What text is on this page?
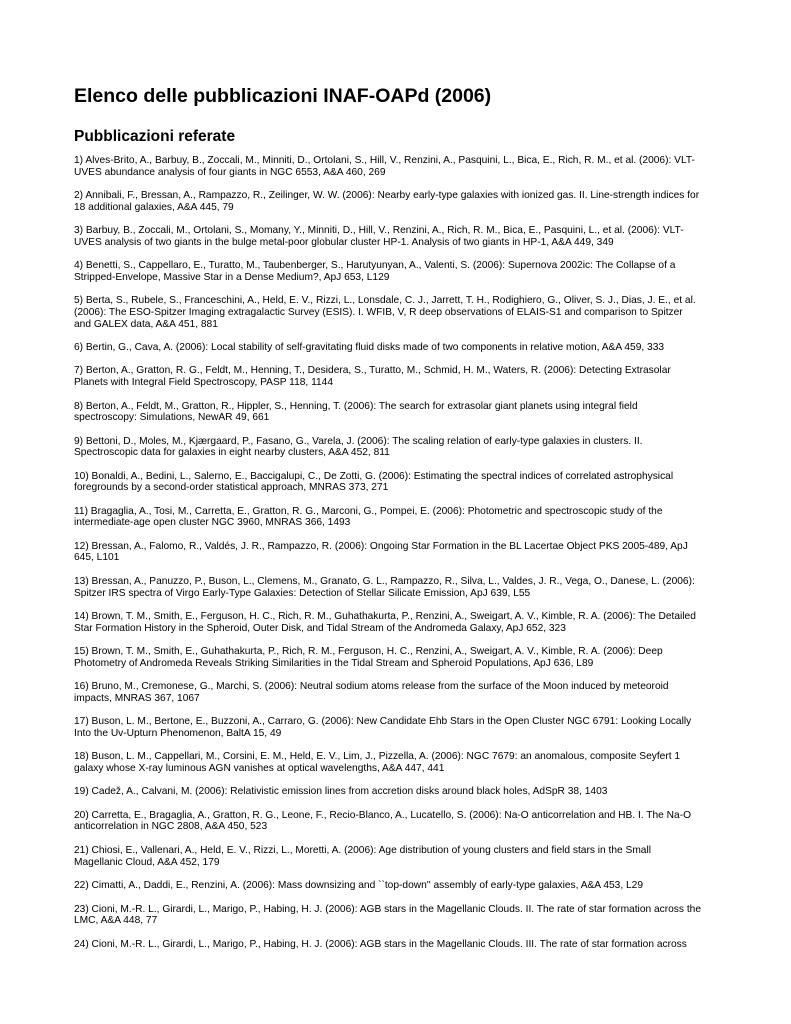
Elenco delle pubblicazioni INAF-OAPd (2006)
Pubblicazioni referate
1) Alves-Brito, A., Barbuy, B., Zoccali, M., Minniti, D., Ortolani, S., Hill, V., Renzini, A., Pasquini, L., Bica, E., Rich, R. M., et al. (2006): VLT-
UVES abundance analysis of four giants in NGC 6553, A&A 460, 269
2) Annibali, F., Bressan, A., Rampazzo, R., Zeilinger, W. W. (2006): Nearby early-type galaxies with ionized gas. II. Line-strength indices for
18 additional galaxies, A&A 445, 79
3) Barbuy, B., Zoccali, M., Ortolani, S., Momany, Y., Minniti, D., Hill, V., Renzini, A., Rich, R. M., Bica, E., Pasquini, L., et al. (2006): VLT-
UVES analysis of two giants in the bulge metal-poor globular cluster HP-1. Analysis of two giants in HP-1, A&A 449, 349
4) Benetti, S., Cappellaro, E., Turatto, M., Taubenberger, S., Harutyunyan, A., Valenti, S. (2006): Supernova 2002ic: The Collapse of a
Stripped-Envelope, Massive Star in a Dense Medium?, ApJ 653, L129
5) Berta, S., Rubele, S., Franceschini, A., Held, E. V., Rizzi, L., Lonsdale, C. J., Jarrett, T. H., Rodighiero, G., Oliver, S. J., Dias, J. E., et al.
(2006): The ESO-Spitzer Imaging extragalactic Survey (ESIS). I. WFIB, V, R deep observations of ELAIS-S1 and comparison to Spitzer
and GALEX data, A&A 451, 881
6) Bertin, G., Cava, A. (2006): Local stability of self-gravitating fluid disks made of two components in relative motion, A&A 459, 333
7) Berton, A., Gratton, R. G., Feldt, M., Henning, T., Desidera, S., Turatto, M., Schmid, H. M., Waters, R. (2006): Detecting Extrasolar
Planets with Integral Field Spectroscopy, PASP 118, 1144
8) Berton, A., Feldt, M., Gratton, R., Hippler, S., Henning, T. (2006): The search for extrasolar giant planets using integral field
spectroscopy: Simulations, NewAR 49, 661
9) Bettoni, D., Moles, M., Kjærgaard, P., Fasano, G., Varela, J. (2006): The scaling relation of early-type galaxies in clusters. II.
Spectroscopic data for galaxies in eight nearby clusters, A&A 452, 811
10) Bonaldi, A., Bedini, L., Salerno, E., Baccigalupi, C., De Zotti, G. (2006): Estimating the spectral indices of correlated astrophysical
foregrounds by a second-order statistical approach, MNRAS 373, 271
11) Bragaglia, A., Tosi, M., Carretta, E., Gratton, R. G., Marconi, G., Pompei, E. (2006): Photometric and spectroscopic study of the
intermediate-age open cluster NGC 3960, MNRAS 366, 1493
12) Bressan, A., Falomo, R., Valdés, J. R., Rampazzo, R. (2006): Ongoing Star Formation in the BL Lacertae Object PKS 2005-489, ApJ
645, L101
13) Bressan, A., Panuzzo, P., Buson, L., Clemens, M., Granato, G. L., Rampazzo, R., Silva, L., Valdes, J. R., Vega, O., Danese, L. (2006):
Spitzer IRS spectra of Virgo Early-Type Galaxies: Detection of Stellar Silicate Emission, ApJ 639, L55
14) Brown, T. M., Smith, E., Ferguson, H. C., Rich, R. M., Guhathakurta, P., Renzini, A., Sweigart, A. V., Kimble, R. A. (2006): The Detailed
Star Formation History in the Spheroid, Outer Disk, and Tidal Stream of the Andromeda Galaxy, ApJ 652, 323
15) Brown, T. M., Smith, E., Guhathakurta, P., Rich, R. M., Ferguson, H. C., Renzini, A., Sweigart, A. V., Kimble, R. A. (2006): Deep
Photometry of Andromeda Reveals Striking Similarities in the Tidal Stream and Spheroid Populations, ApJ 636, L89
16) Bruno, M., Cremonese, G., Marchi, S. (2006): Neutral sodium atoms release from the surface of the Moon induced by meteoroid
impacts, MNRAS 367, 1067
17) Buson, L. M., Bertone, E., Buzzoni, A., Carraro, G. (2006): New Candidate Ehb Stars in the Open Cluster NGC 6791: Looking Locally
Into the Uv-Upturn Phenomenon, BaltA 15, 49
18) Buson, L. M., Cappellari, M., Corsini, E. M., Held, E. V., Lim, J., Pizzella, A. (2006): NGC 7679: an anomalous, composite Seyfert 1
galaxy whose X-ray luminous AGN vanishes at optical wavelengths, A&A 447, 441
19) Cadež, A., Calvani, M. (2006): Relativistic emission lines from accretion disks around black holes, AdSpR 38, 1403
20) Carretta, E., Bragaglia, A., Gratton, R. G., Leone, F., Recio-Blanco, A., Lucatello, S. (2006): Na-O anticorrelation and HB. I. The Na-O
anticorrelation in NGC 2808, A&A 450, 523
21) Chiosi, E., Vallenari, A., Held, E. V., Rizzi, L., Moretti, A. (2006): Age distribution of young clusters and field stars in the Small
Magellanic Cloud, A&A 452, 179
22) Cimatti, A., Daddi, E., Renzini, A. (2006): Mass downsizing and ``top-down'' assembly of early-type galaxies, A&A 453, L29
23) Cioni, M.-R. L., Girardi, L., Marigo, P., Habing, H. J. (2006): AGB stars in the Magellanic Clouds. II. The rate of star formation across the
LMC, A&A 448, 77
24) Cioni, M.-R. L., Girardi, L., Marigo, P., Habing, H. J. (2006): AGB stars in the Magellanic Clouds. III. The rate of star formation across
